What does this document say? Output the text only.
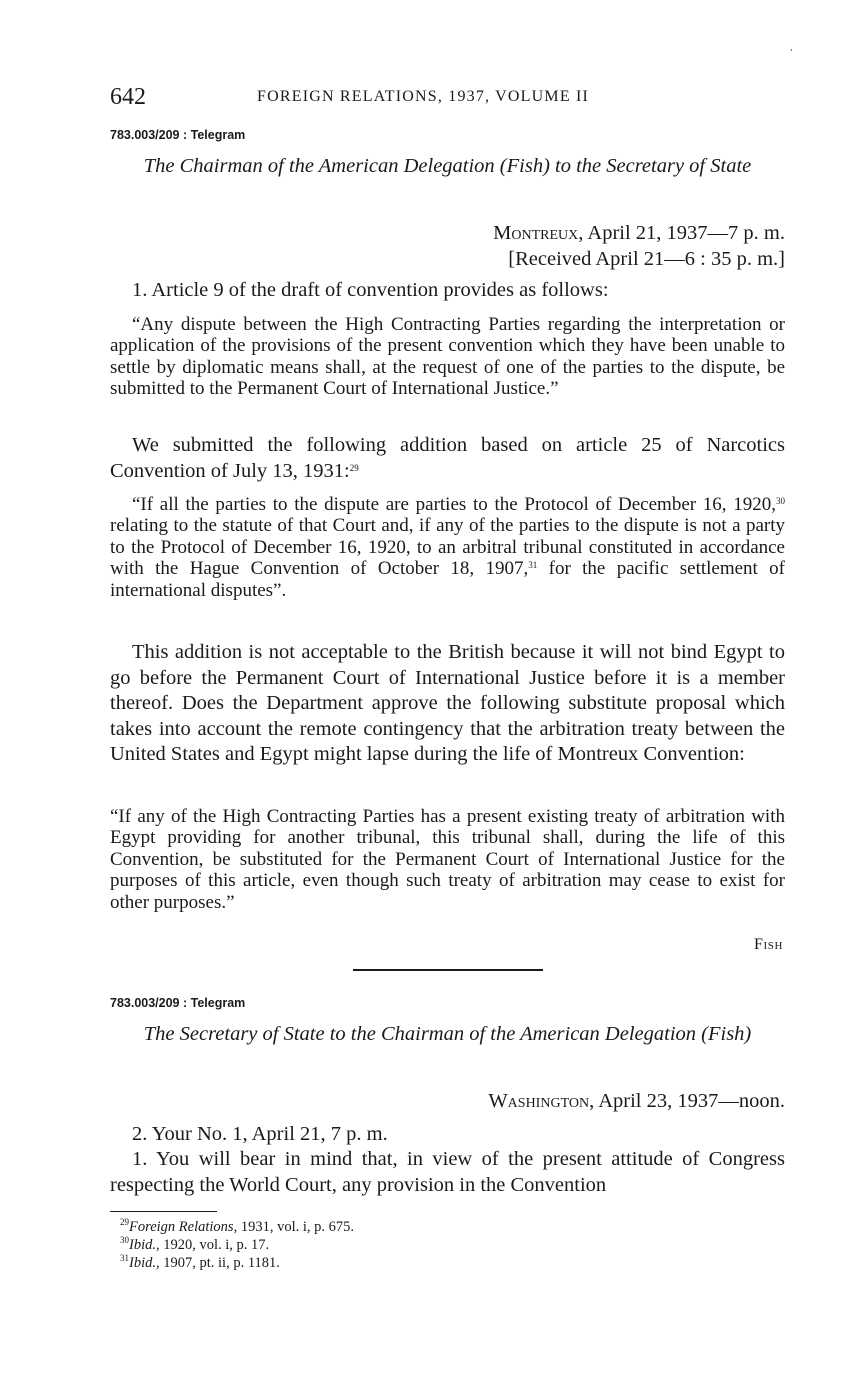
,
642	FOREIGN RELATIONS, 1937, VOLUME II
783.003/209 : Telegram
The Chairman of the American Delegation (Fish) to the Secretary of State
Montreux, April 21, 1937—7 p. m.
[Received April 21—6 : 35 p. m.]
1. Article 9 of the draft of convention provides as follows:
“Any dispute between the High Contracting Parties regarding the interpretation or application of the provisions of the present convention which they have been unable to settle by diplomatic means shall, at the request of one of the parties to the dispute, be submitted to the Permanent Court of International Justice.”
We submitted the following addition based on article 25 of Narcotics Convention of July 13, 1931:$^{29}$
“If all the parties to the dispute are parties to the Protocol of December 16, 1920,30 relating to the statute of that Court and, if any of the parties to the dispute is not a party to the Protocol of December 16, 1920, to an arbitral tribunal constituted in accordance with the Hague Convention of October 18, 1907,31 for the pacific settlement of international disputes”.
This addition is not acceptable to the British because it will not bind Egypt to go before the Permanent Court of International Justice before it is a member thereof. Does the Department approve the following substitute proposal which takes into account the remote contingency that the arbitration treaty between the United States and Egypt might lapse during the life of Montreux Convention:
“If any of the High Contracting Parties has a present existing treaty of arbitration with Egypt providing for another tribunal, this tribunal shall, during the life of this Convention, be substituted for the Permanent Court of International Justice for the purposes of this article, even though such treaty of arbitration may cease to exist for other purposes.”
Fish
783.003/209 : Telegram
The Secretary of State to the Chairman of the American Delegation (Fish)
Washington, April 23, 1937—noon.
2. Your No. 1, April 21, 7 p. m.
1. You will bear in mind that, in view of the present attitude of Congress respecting the World Court, any provision in the Convention
$^{29}$Foreign Relations, 1931, vol. i, p. 675.
$^{30}$Ibid., 1920, vol. i, p. 17.
$^{31}$Ibid., 1907, pt. ii, p. 1181.
